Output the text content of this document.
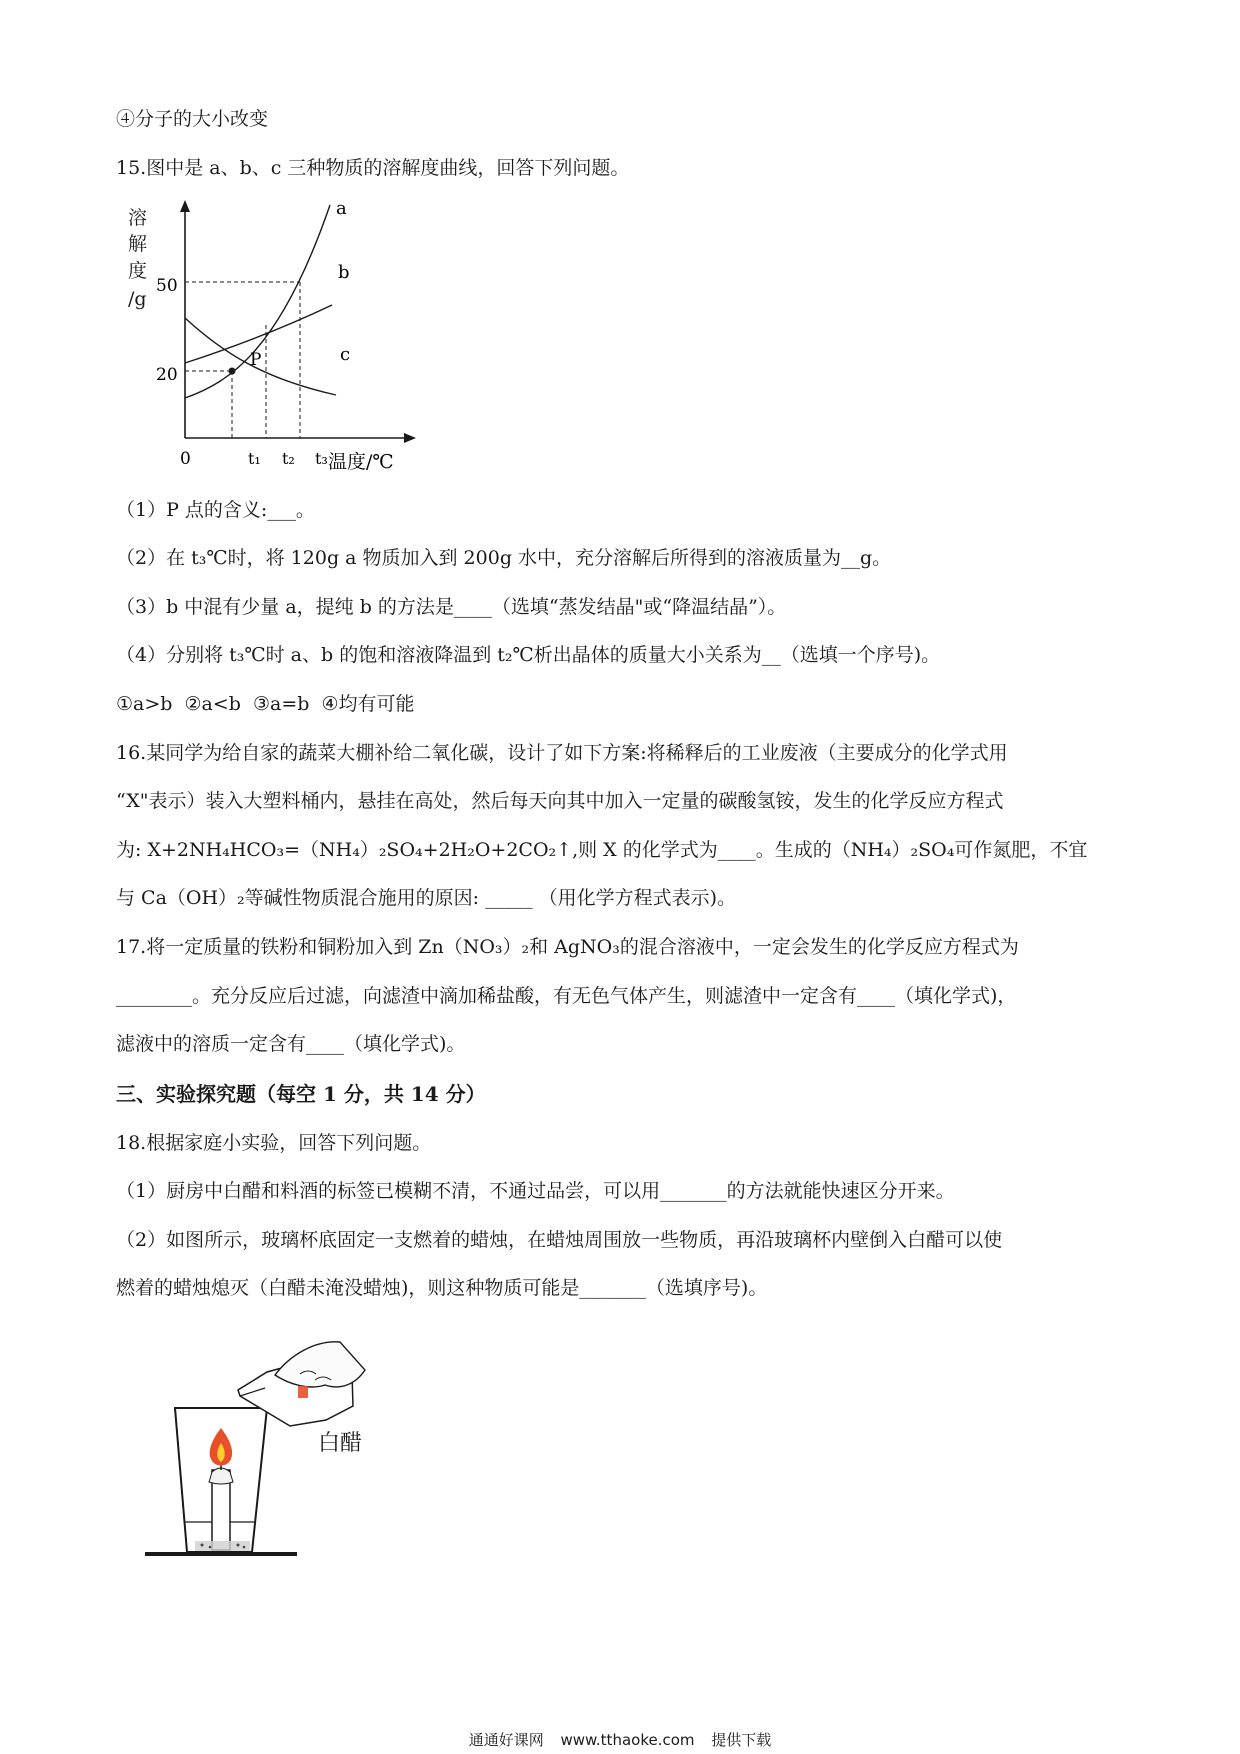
④分子的大小改变
15.图中是 a、b、c 三种物质的溶解度曲线，回答下列问题。
溶
解
度
/g
50
20
0	t₁ t₂ t₃ 温度/℃
P
a
b
c
（1）P 点的含义:___。
（2）在 t₃℃时，将 120g a 物质加入到 200g 水中，充分溶解后所得到的溶液质量为__g。
（3）b 中混有少量 a，提纯 b 的方法是____（选填“蒸发结晶"或“降温结晶”）。
（4）分别将 t₃℃时 a、b 的饱和溶液降温到 t₂℃析出晶体的质量大小关系为__（选填一个序号)。
①a>b ②a<b ③a=b ④均有可能
16.某同学为给自家的蔬菜大棚补给二氧化碳，设计了如下方案:将稀释后的工业废液（主要成分的化学式用
“X"表示）装入大塑料桶内，悬挂在高处，然后每天向其中加入一定量的碳酸氢铵，发生的化学反应方程式
为: X+2NH₄HCO₃=（NH₄）₂SO₄+2H₂O+2CO₂↑,则 X 的化学式为____。生成的（NH₄）₂SO₄可作氮肥，不宜
与 Ca（OH）₂等碱性物质混合施用的原因: _____ （用化学方程式表示)。
17.将一定质量的铁粉和铜粉加入到 Zn（NO₃）₂和 AgNO₃的混合溶液中，一定会发生的化学反应方程式为
________。充分反应后过滤，向滤渣中滴加稀盐酸，有无色气体产生，则滤渣中一定含有____（填化学式)，
滤液中的溶质一定含有____（填化学式)。
三、实验探究题（每空 1 分，共 14 分）
18.根据家庭小实验，回答下列问题。
（1）厨房中白醋和料酒的标签已模糊不清，不通过品尝，可以用_______的方法就能快速区分开来。
（2）如图所示，玻璃杯底固定一支燃着的蜡烛，在蜡烛周围放一些物质，再沿玻璃杯内壁倒入白醋可以使
燃着的蜡烛熄灭（白醋未淹没蜡烛)，则这种物质可能是_______（选填序号)。
白醋
通通好课网 www.tthaoke.com 提供下载
